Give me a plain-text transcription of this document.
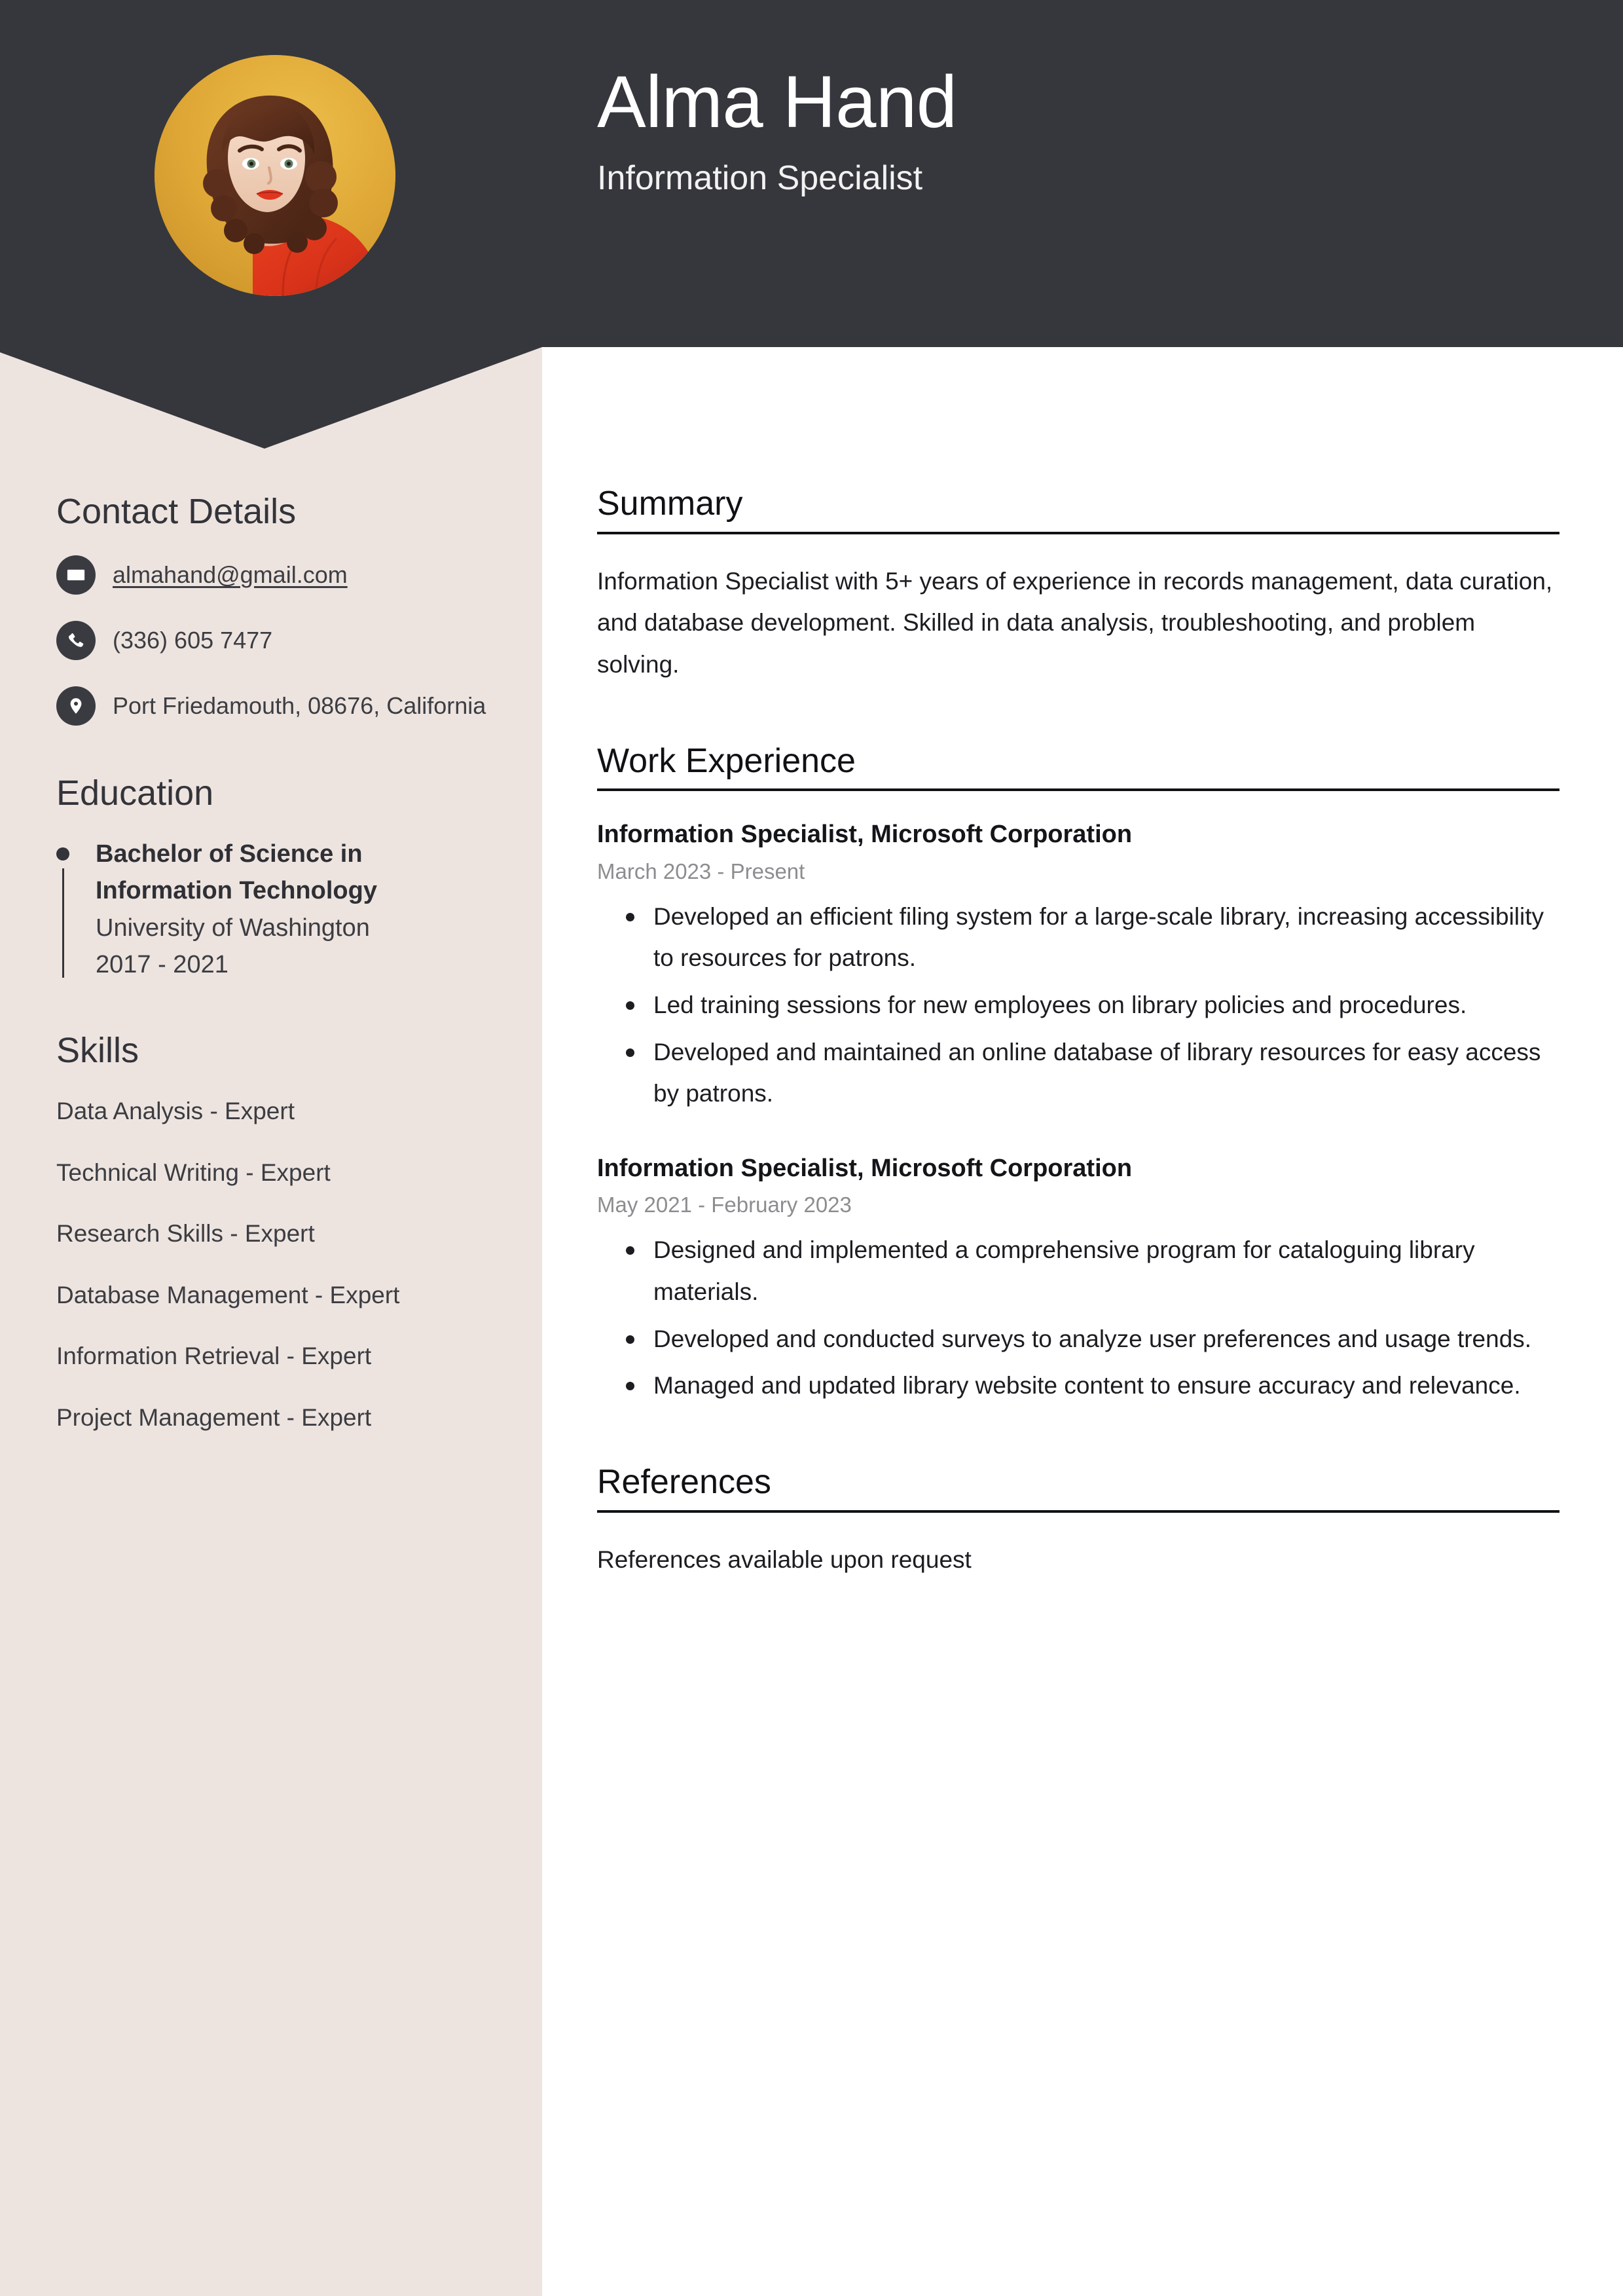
Alma Hand

Information Specialist

Contact Details
almahand@gmail.com
(336) 605 7477
Port Friedamouth, 08676, California
Education

Bachelor of Science in Information Technology

University of Washington

2017 - 2021

Skills
Data Analysis - Expert
Technical Writing - Expert
Research Skills - Expert
Database Management - Expert
Information Retrieval - Expert
Project Management - Expert
Summary

Information Specialist with 5+ years of experience in records management, data curation, and database development. Skilled in data analysis, troubleshooting, and problem solving.

Work Experience

Information Specialist, Microsoft Corporation

March 2023 - Present

Developed an efficient filing system for a large-scale library, increasing accessibility to resources for patrons.
Led training sessions for new employees on library policies and procedures.
Developed and maintained an online database of library resources for easy access by patrons.

Information Specialist, Microsoft Corporation

May 2021 - February 2023

Designed and implemented a comprehensive program for cataloguing library materials.
Developed and conducted surveys to analyze user preferences and usage trends.
Managed and updated library website content to ensure accuracy and relevance.
References

References available upon request
